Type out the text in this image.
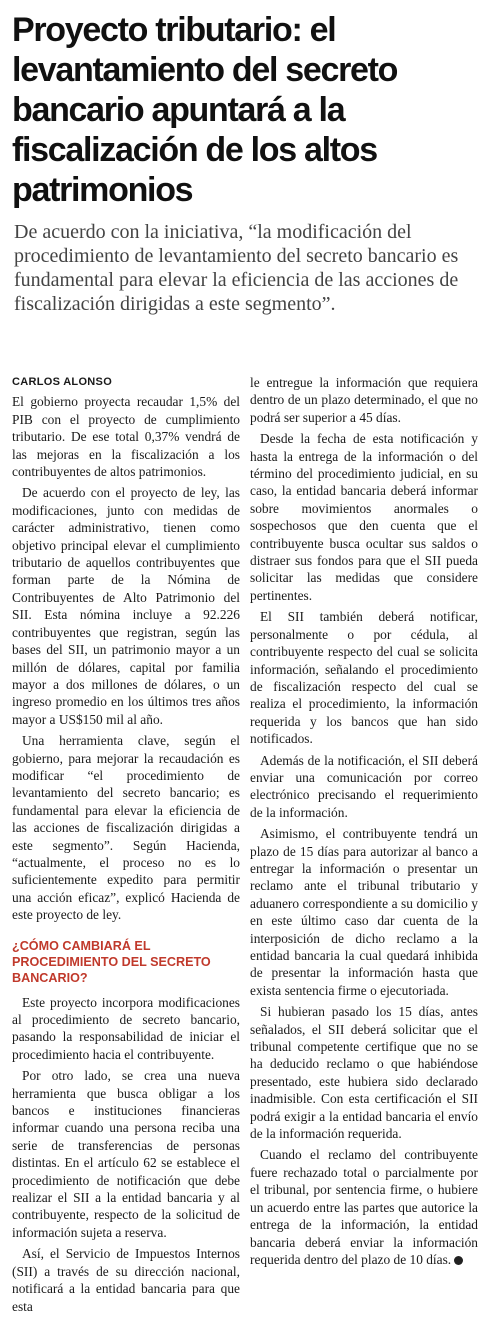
Proyecto tributario: el levantamiento del secreto bancario apuntará a la fiscalización de los altos patrimonios

De acuerdo con la iniciativa, “la modificación del procedimiento de levantamiento del secreto bancario es fundamental para elevar la eficiencia de las acciones de fiscalización dirigidas a este segmento”.

CARLOS ALONSO

El gobierno proyecta recaudar 1,5% del PIB con el proyecto de cumplimiento tributario. De ese total 0,37% vendrá de las mejoras en la fiscalización a los contribuyentes de altos patrimonios.

De acuerdo con el proyecto de ley, las modificaciones, junto con medidas de carácter administrativo, tienen como objetivo principal elevar el cumplimiento tributario de aquellos contribuyentes que forman parte de la Nómina de Contribuyentes de Alto Patrimonio del SII. Esta nómina incluye a 92.226 contribuyentes que registran, según las bases del SII, un patrimonio mayor a un millón de dólares, capital por familia mayor a dos millones de dólares, o un ingreso promedio en los últimos tres años mayor a US$150 mil al año.

Una herramienta clave, según el gobierno, para mejorar la recaudación es modificar “el procedimiento de levantamiento del secreto bancario; es fundamental para elevar la eficiencia de las acciones de fiscalización dirigidas a este segmento”. Según Hacienda, “actualmente, el proceso no es lo suficientemente expedito para permitir una acción eficaz”, explicó Hacienda de este proyecto de ley.

¿CÓMO CAMBIARÁ EL PROCEDIMIENTO DEL SECRETO BANCARIO?

Este proyecto incorpora modificaciones al procedimiento de secreto bancario, pasando la responsabilidad de iniciar el procedimiento hacia el contribuyente.

Por otro lado, se crea una nueva herramienta que busca obligar a los bancos e instituciones financieras informar cuando una persona reciba una serie de transferencias de personas distintas. En el artículo 62 se establece el procedimiento de notificación que debe realizar el SII a la entidad bancaria y al contribuyente, respecto de la solicitud de información sujeta a reserva.

Así, el Servicio de Impuestos Internos (SII) a través de su dirección nacional, notificará a la entidad bancaria para que esta

le entregue la información que requiera dentro de un plazo determinado, el que no podrá ser superior a 45 días.

Desde la fecha de esta notificación y hasta la entrega de la información o del término del procedimiento judicial, en su caso, la entidad bancaria deberá informar sobre movimientos anormales o sospechosos que den cuenta que el contribuyente busca ocultar sus saldos o distraer sus fondos para que el SII pueda solicitar las medidas que considere pertinentes.

El SII también deberá notificar, personalmente o por cédula, al contribuyente respecto del cual se solicita información, señalando el procedimiento de fiscalización respecto del cual se realiza el procedimiento, la información requerida y los bancos que han sido notificados.

Además de la notificación, el SII deberá enviar una comunicación por correo electrónico precisando el requerimiento de la información.

Asimismo, el contribuyente tendrá un plazo de 15 días para autorizar al banco a entregar la información o presentar un reclamo ante el tribunal tributario y aduanero correspondiente a su domicilio y en este último caso dar cuenta de la interposición de dicho reclamo a la entidad bancaria la cual quedará inhibida de presentar la información hasta que exista sentencia firme o ejecutoriada.

Si hubieran pasado los 15 días, antes señalados, el SII deberá solicitar que el tribunal competente certifique que no se ha deducido reclamo o que habiéndose presentado, este hubiera sido declarado inadmisible. Con esta certificación el SII podrá exigir a la entidad bancaria el envío de la información requerida.

Cuando el reclamo del contribuyente fuere rechazado total o parcialmente por el tribunal, por sentencia firme, o hubiere un acuerdo entre las partes que autorice la entrega de la información, la entidad bancaria deberá enviar la información requerida dentro del plazo de 10 días.
